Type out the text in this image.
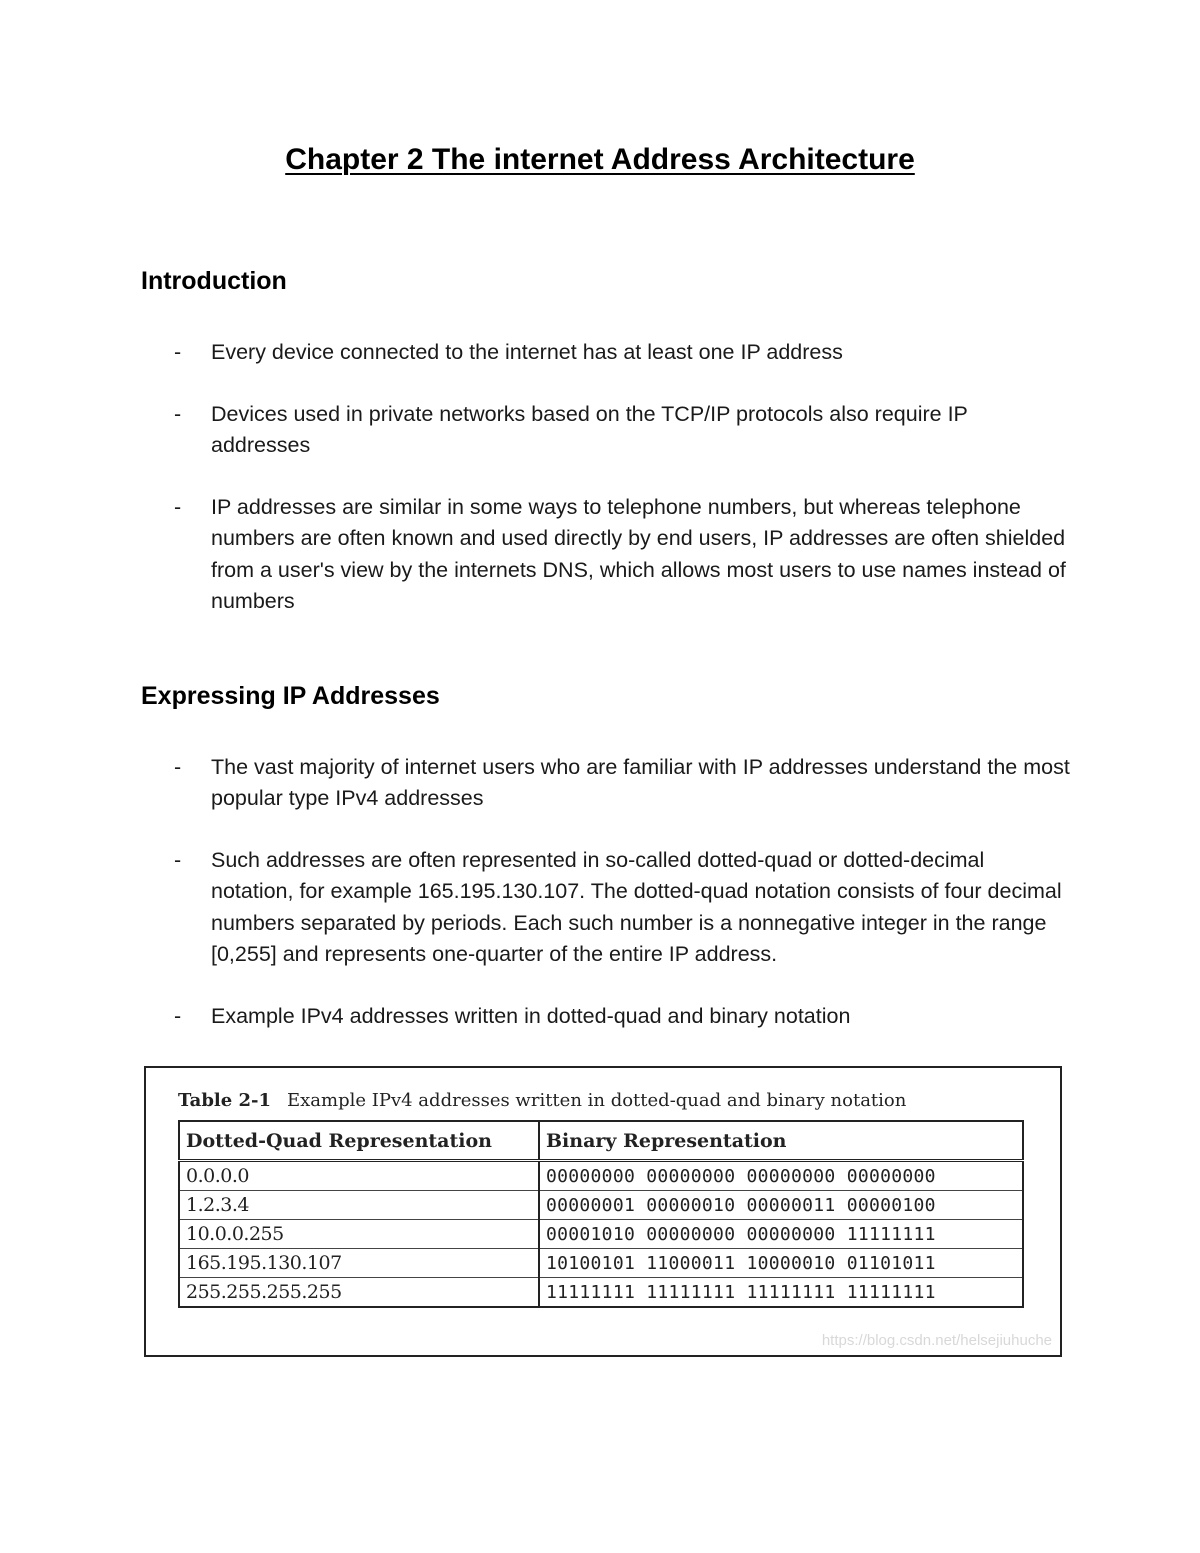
Chapter 2 The internet Address Architecture
Introduction
- Every device connected to the internet has at least one IP address
- Devices used in private networks based on the TCP/IP protocols also require IP addresses
- IP addresses are similar in some ways to telephone numbers, but whereas telephone numbers are often known and used directly by end users, IP addresses are often shielded from a user's view by the internets DNS, which allows most users to use names instead of numbers
Expressing IP Addresses
- The vast majority of internet users who are familiar with IP addresses understand the most popular type IPv4 addresses
- Such addresses are often represented in so-called dotted-quad or dotted-decimal notation, for example 165.195.130.107. The dotted-quad notation consists of four decimal numbers separated by periods. Each such number is a nonnegative integer in the range [0,255] and represents one-quarter of the entire IP address.
- Example IPv4 addresses written in dotted-quad and binary notation
Table 2-1 Example IPv4 addresses written in dotted-quad and binary notation
Dotted-Quad Representation	Binary Representation
0.0.0.0	00000000 00000000 00000000 00000000
1.2.3.4	00000001 00000010 00000011 00000100
10.0.0.255	00001010 00000000 00000000 11111111
165.195.130.107	10100101 11000011 10000010 01101011
255.255.255.255	11111111 11111111 11111111 11111111
https://blog.csdn.net/helsejiuhuche
